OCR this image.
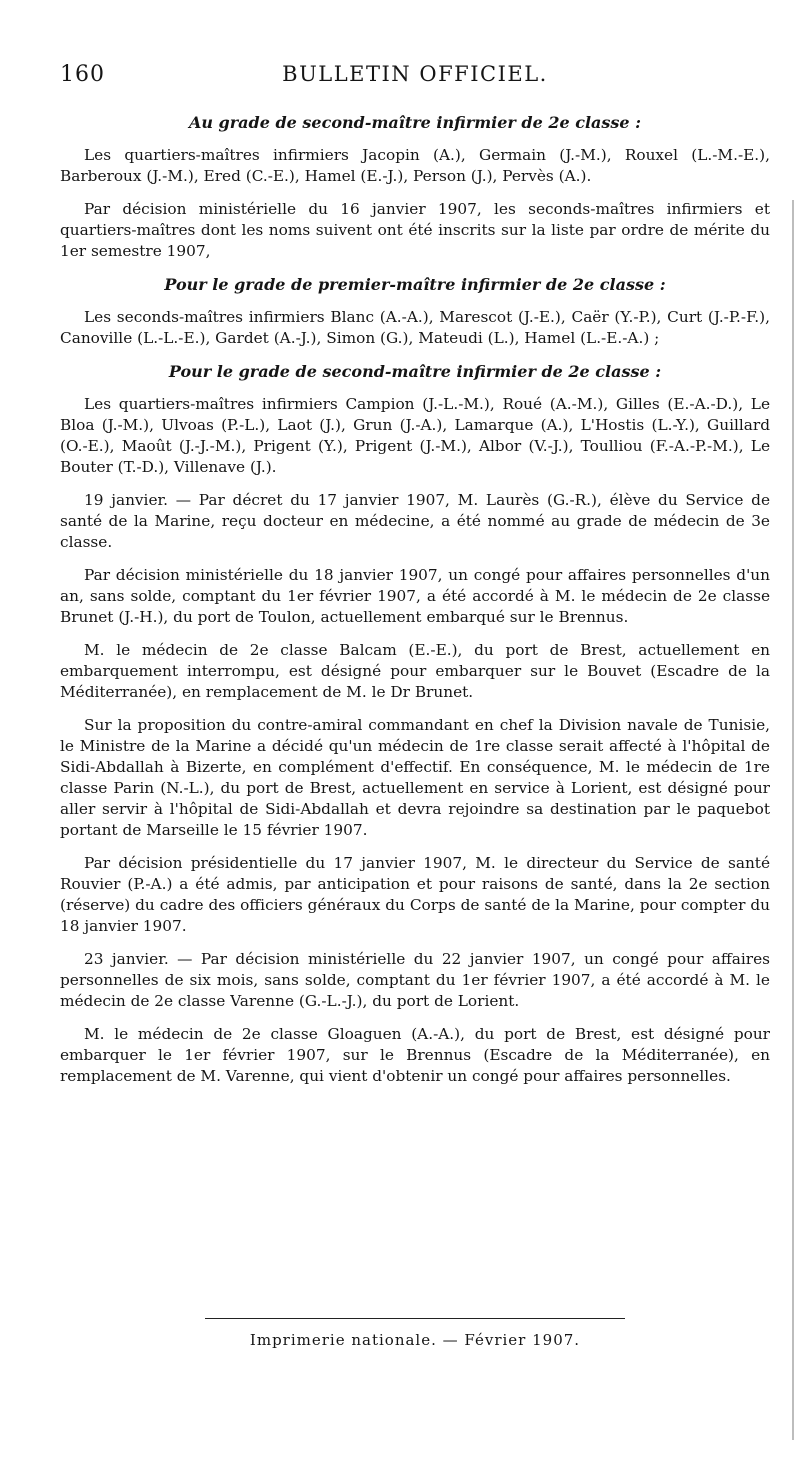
160	BULLETIN OFFICIEL.
Au grade de second-maître infirmier de 2e classe :

Les quartiers-maîtres infirmiers Jacopin (A.), Germain (J.-M.), Rouxel (L.-M.-E.), Barberoux (J.-M.), Ered (C.-E.), Hamel (E.-J.), Person (J.), Pervès (A.).

Par décision ministérielle du 16 janvier 1907, les seconds-maîtres infirmiers et quartiers-maîtres dont les noms suivent ont été inscrits sur la liste par ordre de mérite du 1er semestre 1907,

Pour le grade de premier-maître infirmier de 2e classe :

Les seconds-maîtres infirmiers Blanc (A.-A.), Marescot (J.-E.), Caër (Y.-P.), Curt (J.-P.-F.), Canoville (L.-L.-E.), Gardet (A.-J.), Simon (G.), Mateudi (L.), Hamel (L.-E.-A.) ;

Pour le grade de second-maître infirmier de 2e classe :

Les quartiers-maîtres infirmiers Campion (J.-L.-M.), Roué (A.-M.), Gilles (E.-A.-D.), Le Bloa (J.-M.), Ulvoas (P.-L.), Laot (J.), Grun (J.-A.), Lamarque (A.), L'Hostis (L.-Y.), Guillard (O.-E.), Maoût (J.-J.-M.), Prigent (Y.), Prigent (J.-M.), Albor (V.-J.), Toulliou (F.-A.-P.-M.), Le Bouter (T.-D.), Villenave (J.).

19 janvier. — Par décret du 17 janvier 1907, M. Laurès (G.-R.), élève du Service de santé de la Marine, reçu docteur en médecine, a été nommé au grade de médecin de 3e classe.

Par décision ministérielle du 18 janvier 1907, un congé pour affaires personnelles d'un an, sans solde, comptant du 1er février 1907, a été accordé à M. le médecin de 2e classe Brunet (J.-H.), du port de Toulon, actuellement embarqué sur le Brennus.

M. le médecin de 2e classe Balcam (E.-E.), du port de Brest, actuellement en embarquement interrompu, est désigné pour embarquer sur le Bouvet (Escadre de la Méditerranée), en remplacement de M. le Dr Brunet.

Sur la proposition du contre-amiral commandant en chef la Division navale de Tunisie, le Ministre de la Marine a décidé qu'un médecin de 1re classe serait affecté à l'hôpital de Sidi-Abdallah à Bizerte, en complément d'effectif. En conséquence, M. le médecin de 1re classe Parin (N.-L.), du port de Brest, actuellement en service à Lorient, est désigné pour aller servir à l'hôpital de Sidi-Abdallah et devra rejoindre sa destination par le paquebot portant de Marseille le 15 février 1907.

Par décision présidentielle du 17 janvier 1907, M. le directeur du Service de santé Rouvier (P.-A.) a été admis, par anticipation et pour raisons de santé, dans la 2e section (réserve) du cadre des officiers généraux du Corps de santé de la Marine, pour compter du 18 janvier 1907.

23 janvier. — Par décision ministérielle du 22 janvier 1907, un congé pour affaires personnelles de six mois, sans solde, comptant du 1er février 1907, a été accordé à M. le médecin de 2e classe Varenne (G.-L.-J.), du port de Lorient.

M. le médecin de 2e classe Gloaguen (A.-A.), du port de Brest, est désigné pour embarquer le 1er février 1907, sur le Brennus (Escadre de la Méditerranée), en remplacement de M. Varenne, qui vient d'obtenir un congé pour affaires personnelles.

Imprimerie nationale. — Février 1907.
